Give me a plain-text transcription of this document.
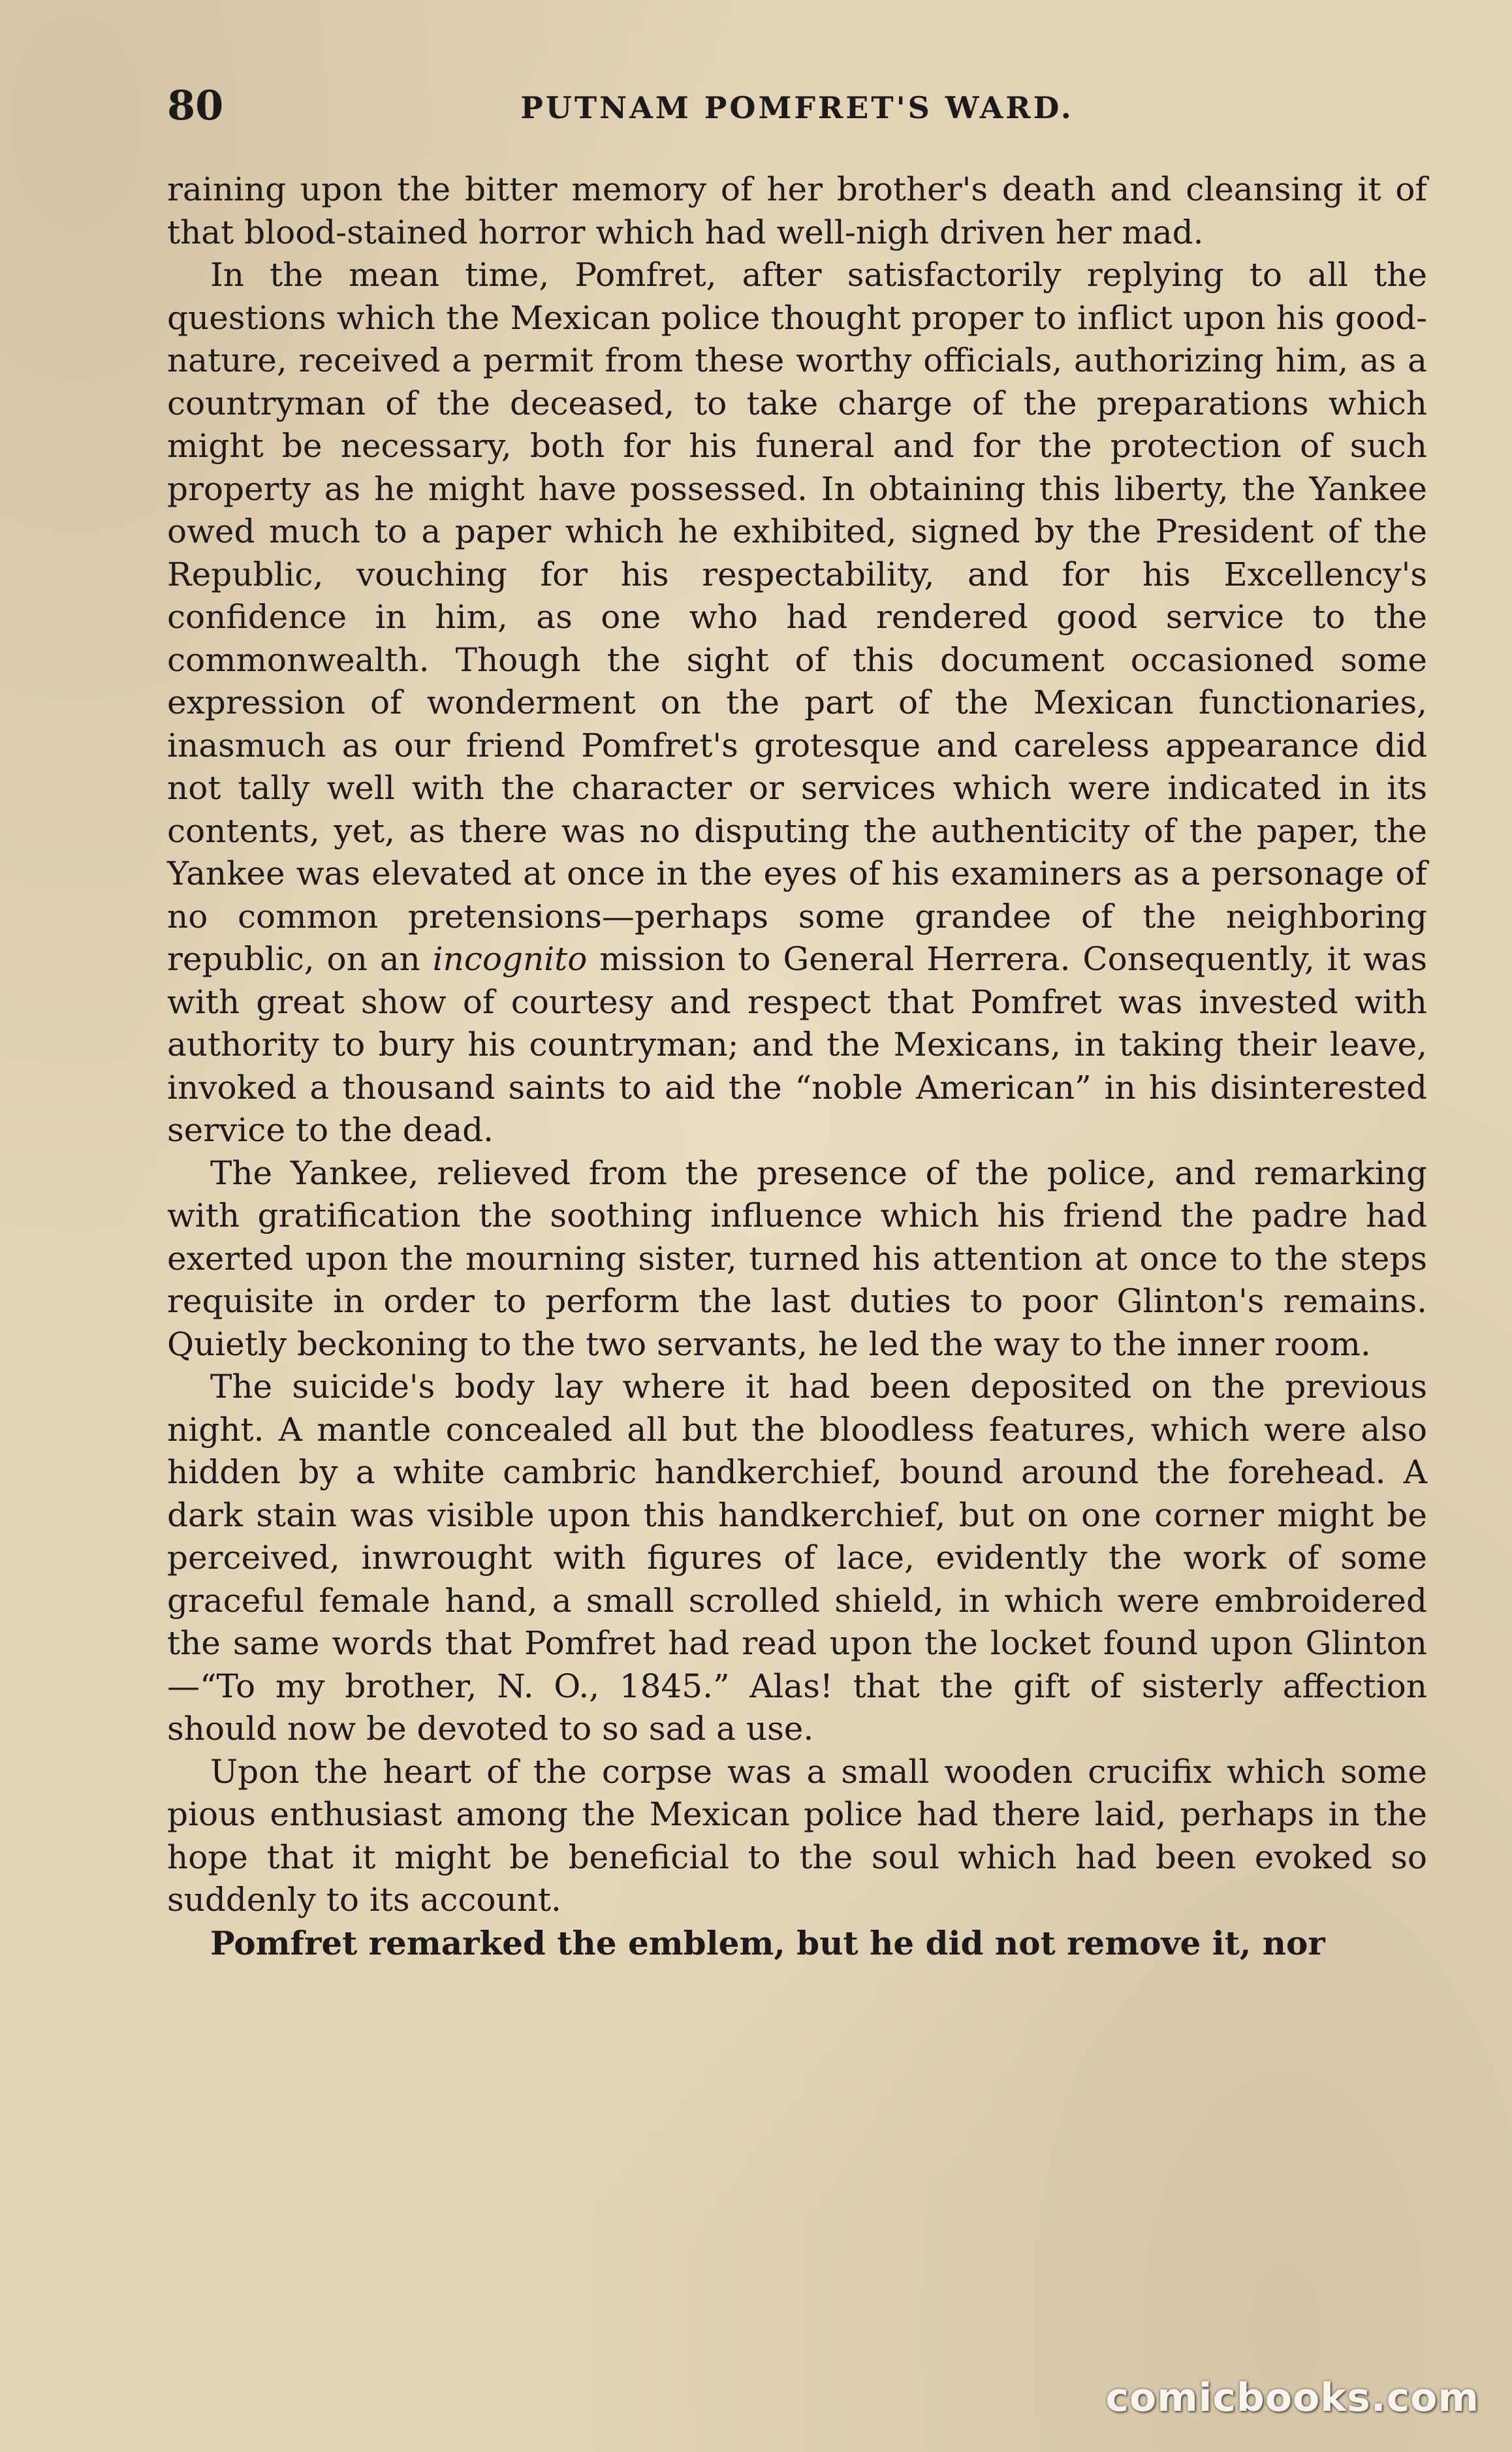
80	PUTNAM POMFRET'S WARD.

raining upon the bitter memory of her brother's death and cleansing it of that blood-stained horror which had well-nigh driven her mad.

In the mean time, Pomfret, after satisfactorily replying to all the questions which the Mexican police thought proper to inflict upon his good-nature, received a permit from these worthy officials, authorizing him, as a countryman of the deceased, to take charge of the preparations which might be necessary, both for his funeral and for the protection of such property as he might have possessed. In obtaining this liberty, the Yankee owed much to a paper which he exhibited, signed by the President of the Republic, vouching for his respectability, and for his Excellency's confidence in him, as one who had rendered good service to the commonwealth. Though the sight of this document occasioned some expression of wonderment on the part of the Mexican functionaries, inasmuch as our friend Pomfret's grotesque and careless appearance did not tally well with the character or services which were indicated in its contents, yet, as there was no disputing the authenticity of the paper, the Yankee was elevated at once in the eyes of his examiners as a personage of no common pretensions—perhaps some grandee of the neighboring republic, on an incognito mission to General Herrera. Consequently, it was with great show of courtesy and respect that Pomfret was invested with authority to bury his countryman; and the Mexicans, in taking their leave, invoked a thousand saints to aid the “noble American” in his disinterested service to the dead.

The Yankee, relieved from the presence of the police, and remarking with gratification the soothing influence which his friend the padre had exerted upon the mourning sister, turned his attention at once to the steps requisite in order to perform the last duties to poor Glinton's remains. Quietly beckoning to the two servants, he led the way to the inner room.

The suicide's body lay where it had been deposited on the previous night. A mantle concealed all but the bloodless features, which were also hidden by a white cambric handkerchief, bound around the forehead. A dark stain was visible upon this handkerchief, but on one corner might be perceived, inwrought with figures of lace, evidently the work of some graceful female hand, a small scrolled shield, in which were embroidered the same words that Pomfret had read upon the locket found upon Glinton—“To my brother, N. O., 1845.” Alas! that the gift of sisterly affection should now be devoted to so sad a use.

Upon the heart of the corpse was a small wooden crucifix which some pious enthusiast among the Mexican police had there laid, perhaps in the hope that it might be beneficial to the soul which had been evoked so suddenly to its account.

Pomfret remarked the emblem, but he did not remove it, nor

comicbooks.com
